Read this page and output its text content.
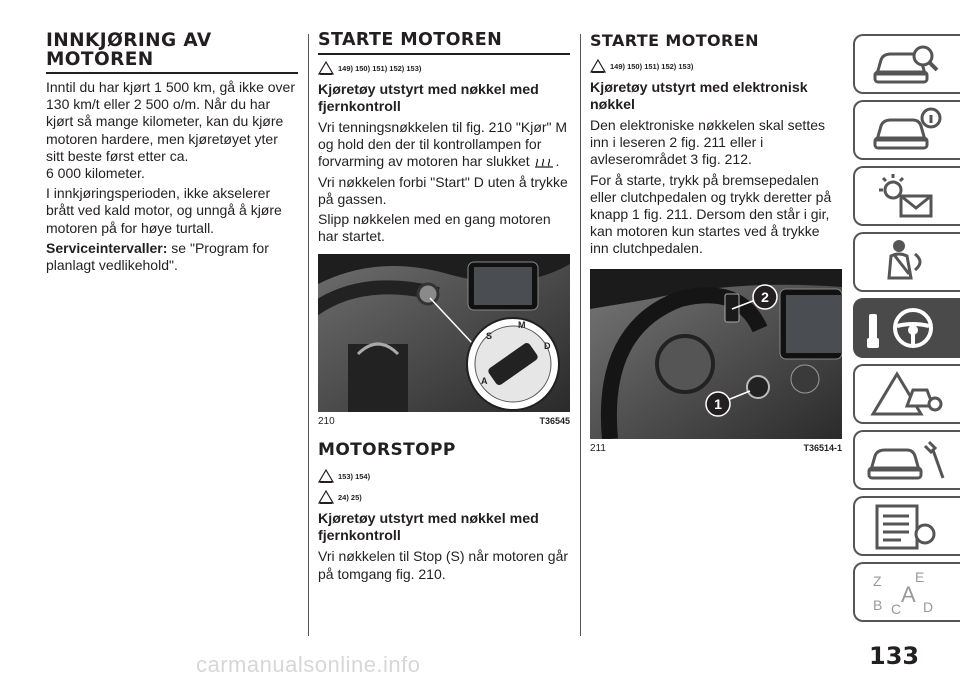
INNKJØRING AV MOTOREN

Inntil du har kjørt 1 500 km, gå ikke over 130 km/t eller 2 500 o/m. Når du har kjørt så mange kilometer, kan du kjøre motoren hardere, men kjøretøyet yter sitt beste først etter ca.
6 000 kilometer.

I innkjøringsperioden, ikke akselerer brått ved kald motor, og unngå å kjøre motoren på for høye turtall.

Serviceintervaller: se "Program for planlagt vedlikehold".

STARTE MOTOREN
149) 150) 151) 152) 153)
Kjøretøy utstyrt med nøkkel med fjernkontroll

Vri tenningsnøkkelen til fig. 210 "Kjør" M og hold den der til kontrollampen for forvarming av motoren har slukket .

Vri nøkkelen forbi "Start" D uten å trykke på gassen.

Slipp nøkkelen med en gang motoren har startet.

S
A
M
D
210	T36545
MOTORSTOPP
153) 154)
24) 25)
Kjøretøy utstyrt med nøkkel med fjernkontroll

Vri nøkkelen til Stop (S) når motoren går på tomgang fig. 210.

STARTE MOTOREN
149) 150) 151) 152) 153)
Kjøretøy utstyrt med elektronisk nøkkel

Den elektroniske nøkkelen skal settes inn i leseren 2 fig. 211 eller i avleserområdet 3 fig. 212.

For å starte, trykk på bremsepedalen eller clutchpedalen og trykk deretter på knapp 1 fig. 211. Dersom den står i gir, kan motoren kun startes ved å trykke inn clutchpedalen.

2
1
211	T36514-1
Z E
B C D
A
133
carmanualsonline.info
